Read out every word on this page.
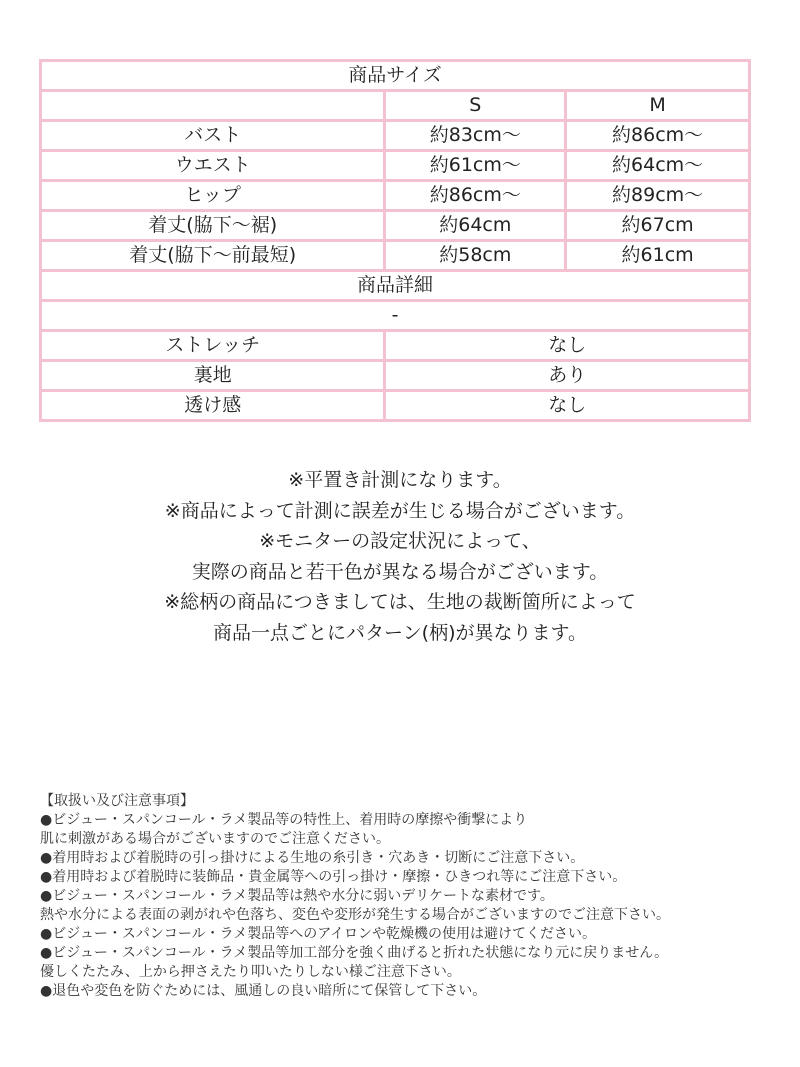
商品サイズ		
	S	M
バスト	約83cm〜	約86cm〜
ウエスト	約61cm〜	約64cm〜
ヒップ	約86cm〜	約89cm〜
着丈(脇下〜裾)	約64cm	約67cm
着丈(脇下〜前最短)	約58cm	約61cm
商品詳細		
-		
ストレッチ	なし	
裏地	あり	
透け感	なし	
※平置き計測になります。
※商品によって計測に誤差が生じる場合がございます。
※モニターの設定状況によって、
実際の商品と若干色が異なる場合がございます。
※総柄の商品につきましては、生地の裁断箇所によって
商品一点ごとにパターン(柄)が異なります。
【取扱い及び注意事項】
●ビジュー・スパンコール・ラメ製品等の特性上、着用時の摩擦や衝撃により
肌に刺激がある場合がございますのでご注意ください。
●着用時および着脱時の引っ掛けによる生地の糸引き・穴あき・切断にご注意下さい。
●着用時および着脱時に装飾品・貴金属等への引っ掛け・摩擦・ひきつれ等にご注意下さい。
●ビジュー・スパンコール・ラメ製品等は熱や水分に弱いデリケートな素材です。
熱や水分による表面の剥がれや色落ち、変色や変形が発生する場合がございますのでご注意下さい。
●ビジュー・スパンコール・ラメ製品等へのアイロンや乾燥機の使用は避けてください。
●ビジュー・スパンコール・ラメ製品等加工部分を強く曲げると折れた状態になり元に戻りません。
優しくたたみ、上から押さえたり叩いたりしない様ご注意下さい。
●退色や変色を防ぐためには、風通しの良い暗所にて保管して下さい。
